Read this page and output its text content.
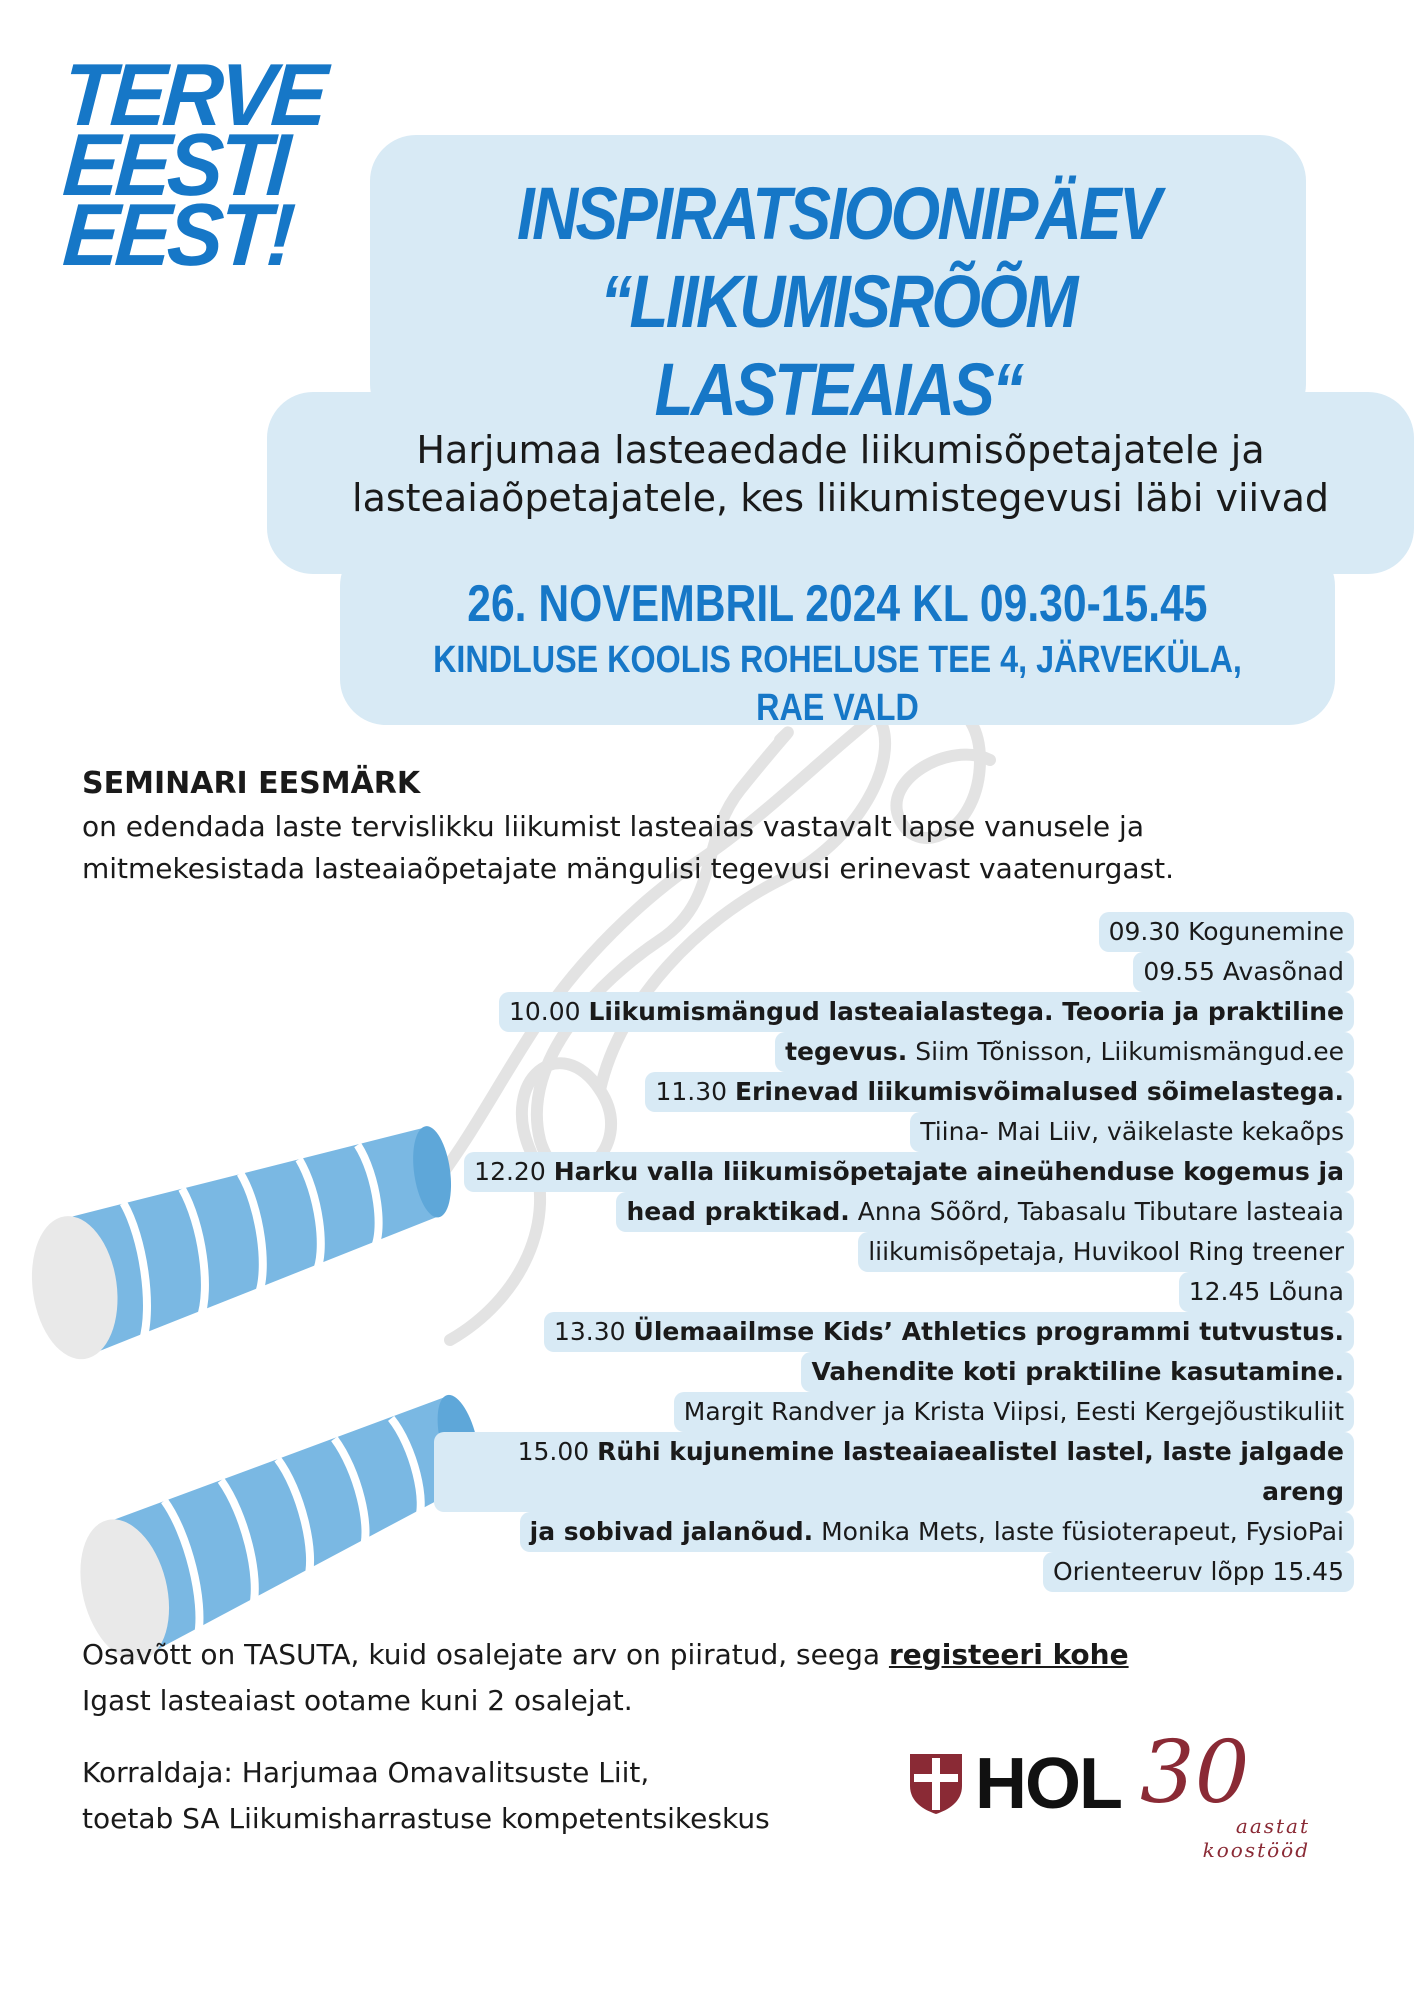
TERVE
EESTI
EEST!	INSPIRATSIOONIPÄEV
“LIIKUMISRÕÕM LASTEAIAS“
Harjumaa lasteaedade liikumisõpetajatele ja
lasteaiaõpetajatele, kes liikumistegevusi läbi viivad
26. NOVEMBRIL 2024 KL 09.30-15.45
KINDLUSE KOOLIS ROHELUSE TEE 4, JÄRVEKÜLA, RAE VALD
SEMINARI EESMÄRK
on edendada laste tervislikku liikumist lasteaias vastavalt lapse vanusele ja
mitmekesistada lasteaiaõpetajate mängulisi tegevusi erinevast vaatenurgast.
09.30 Kogunemine
09.55 Avasõnad
10.00 Liikumismängud lasteaialastega. Teooria ja praktiline
tegevus. Siim Tõnisson, Liikumismängud.ee
11.30 Erinevad liikumisvõimalused sõimelastega.
Tiina- Mai Liiv, väikelaste kekaõps
12.20 Harku valla liikumisõpetajate aineühenduse kogemus ja
head praktikad. Anna Sõõrd, Tabasalu Tibutare lasteaia
liikumisõpetaja, Huvikool Ring treener
12.45 Lõuna
13.30 Ülemaailmse Kids’ Athletics programmi tutvustus.
Vahendite koti praktiline kasutamine.
Margit Randver ja Krista Viipsi, Eesti Kergejõustikuliit
15.00 Rühi kujunemine lasteaiaealistel lastel, laste jalgade areng
ja sobivad jalanõud. Monika Mets, laste füsioterapeut, FysioPai
Orienteeruv lõpp 15.45
Osavõtt on TASUTA, kuid osalejate arv on piiratud, seega registeeri kohe
Igast lasteaiast ootame kuni 2 osalejat.
Korraldaja: Harjumaa Omavalitsuste Liit,
toetab SA Liikumisharrastuse kompetentsikeskus	HOL 30
aastat
koostööd
